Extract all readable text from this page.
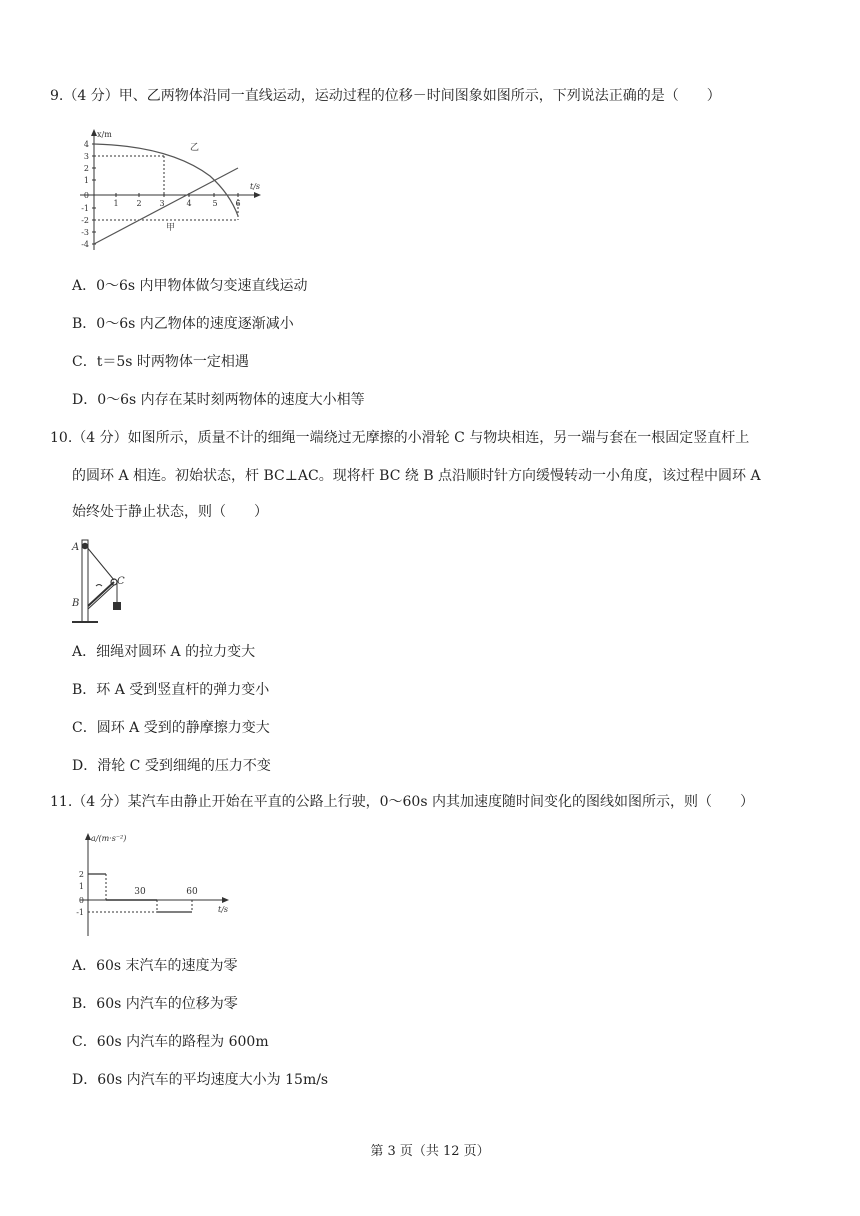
9.（4 分）甲、乙两物体沿同一直线运动，运动过程的位移－时间图象如图所示，下列说法正确的是（　　）
x/m
t/s
4
3
2
1
0
-1
-2
-3
-4
1 2 3	4	5 6
乙
甲
A．0～6s 内甲物体做匀变速直线运动
B．0～6s 内乙物体的速度逐渐减小
C．t＝5s 时两物体一定相遇
D．0～6s 内存在某时刻两物体的速度大小相等
10.（4 分）如图所示，质量不计的细绳一端绕过无摩擦的小滑轮 C 与物块相连，另一端与套在一根固定竖直杆上
的圆环 A 相连。初始状态，杆 BC⊥AC。现将杆 BC 绕 B 点沿顺时针方向缓慢转动一小角度，该过程中圆环 A
始终处于静止状态，则（　　）
A
B
C
A．细绳对圆环 A 的拉力变大
B．环 A 受到竖直杆的弹力变小
C．圆环 A 受到的静摩擦力变大
D．滑轮 C 受到细绳的压力不变
11.（4 分）某汽车由静止开始在平直的公路上行驶，0～60s 内其加速度随时间变化的图线如图所示，则（　　）
a/(m·s⁻²)
t/s
2
1
0
-1
30	60
A．60s 末汽车的速度为零
B．60s 内汽车的位移为零
C．60s 内汽车的路程为 600m
D．60s 内汽车的平均速度大小为 15m/s
第 3 页（共 12 页）
